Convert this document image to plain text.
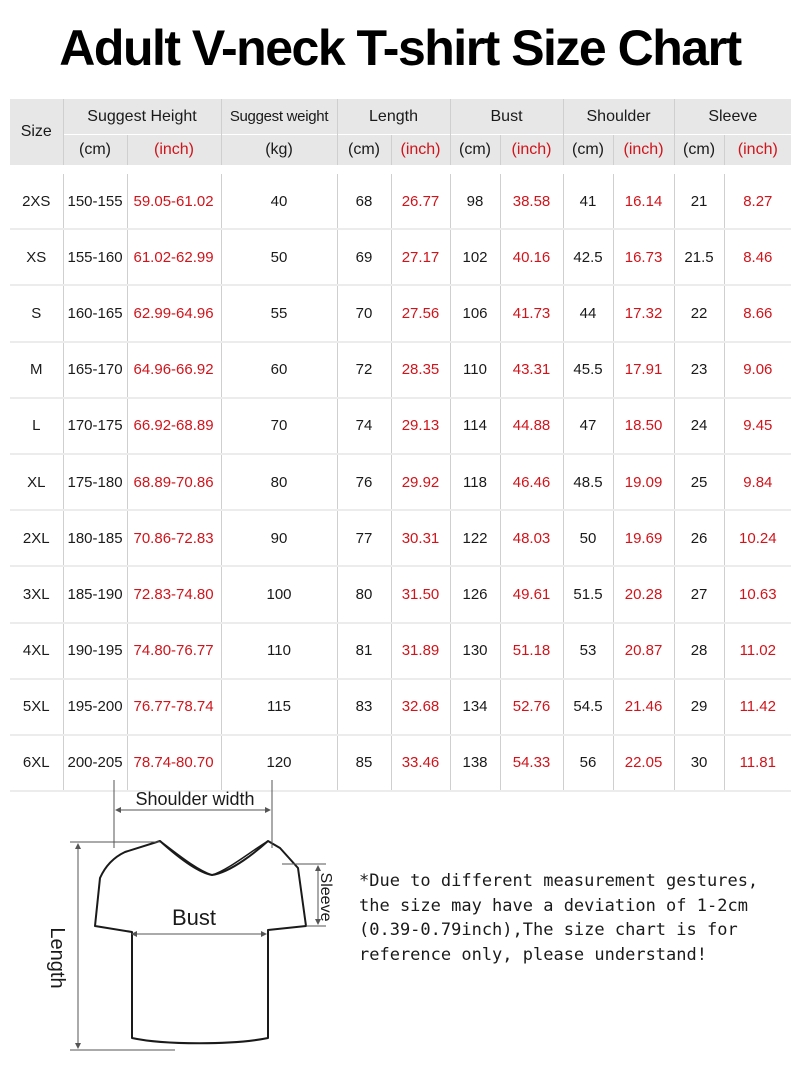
Adult V-neck T-shirt Size Chart
Size	Suggest Height		Suggest weight	Length		Bust		Shoulder		Sleeve	
	(cm)	(inch)	(kg)	(cm)	(inch)	(cm)	(inch)	(cm)	(inch)	(cm)	(inch)

2XS	150-155	59.05-61.02	40	68	26.77	98	38.58	41	16.14	21	8.27
XS	155-160	61.02-62.99	50	69	27.17	102	40.16	42.5	16.73	21.5	8.46
S	160-165	62.99-64.96	55	70	27.56	106	41.73	44	17.32	22	8.66
M	165-170	64.96-66.92	60	72	28.35	110	43.31	45.5	17.91	23	9.06
L	170-175	66.92-68.89	70	74	29.13	114	44.88	47	18.50	24	9.45
XL	175-180	68.89-70.86	80	76	29.92	118	46.46	48.5	19.09	25	9.84
2XL	180-185	70.86-72.83	90	77	30.31	122	48.03	50	19.69	26	10.24
3XL	185-190	72.83-74.80	100	80	31.50	126	49.61	51.5	20.28	27	10.63
4XL	190-195	74.80-76.77	110	81	31.89	130	51.18	53	20.87	28	11.02
5XL	195-200	76.77-78.74	115	83	32.68	134	52.76	54.5	21.46	29	11.42
6XL	200-205	78.74-80.70	120	85	33.46	138	54.33	56	22.05	30	11.81
Shoulder width
Bust
Length
Sleeve *Due to different measurement gestures,
the size may have a deviation of 1-2cm
(0.39-0.79inch),The size chart is for
reference only, please understand!
